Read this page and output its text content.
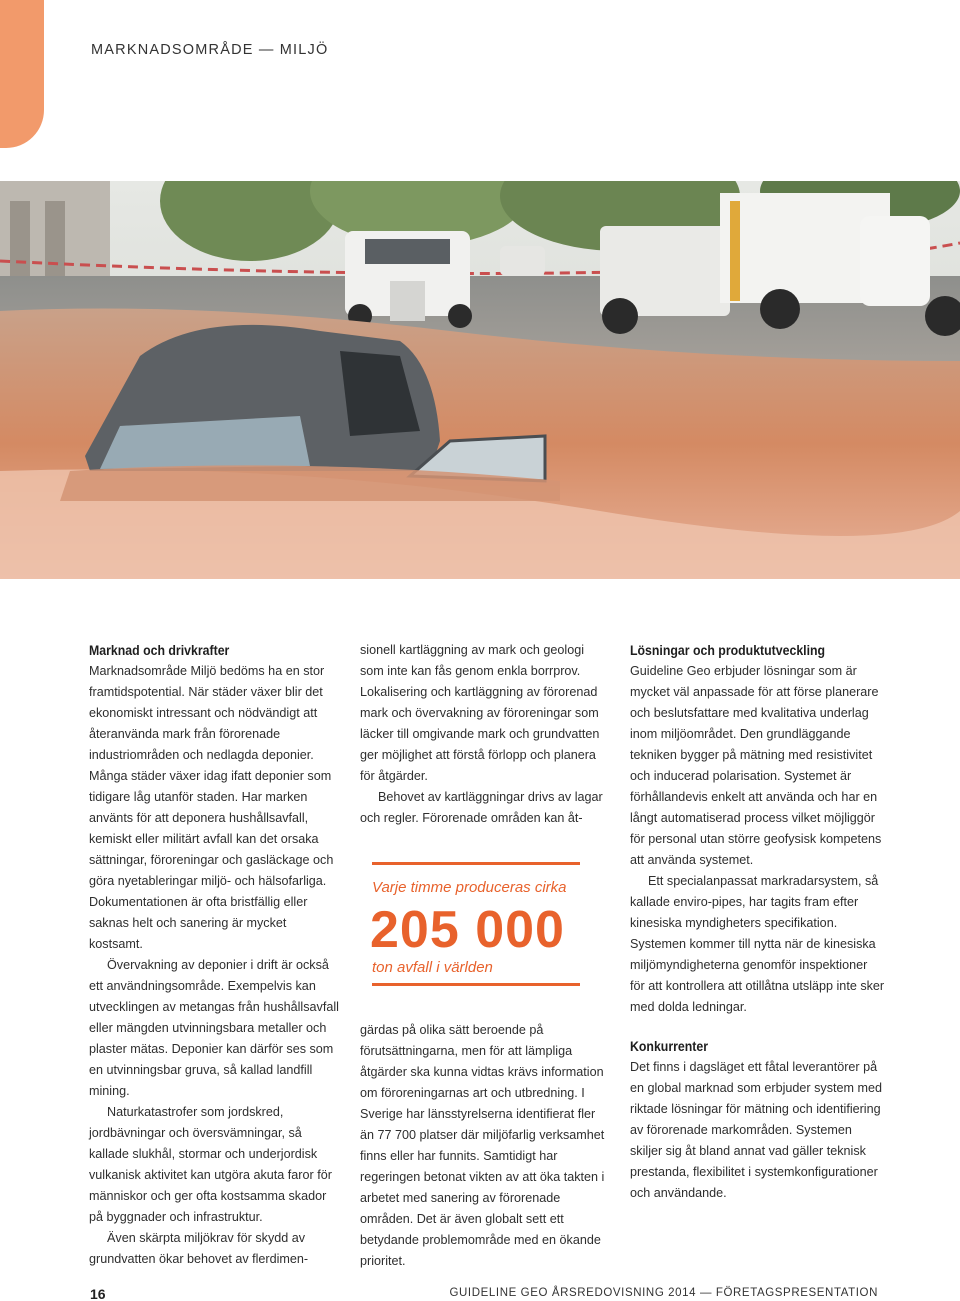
MARKNADSOMRÅDE — MILJÖ
Marknad och drivkrafter

Marknadsområde Miljö bedöms ha en stor framtidspotential. När städer växer blir det ekonomiskt intressant och nödvändigt att återanvända mark från förorenade industriområden och nedlagda deponier. Många städer växer idag ifatt deponier som tidigare låg utanför staden. Har marken använts för att deponera hushållsavfall, kemiskt eller militärt avfall kan det orsaka sättningar, föroreningar och gasläckage och göra nyetableringar miljö- och hälsofarliga. Dokumentationen är ofta bristfällig eller saknas helt och sanering är mycket kostsamt.

Övervakning av deponier i drift är också ett användningsområde. Exempelvis kan utvecklingen av metangas från hushållsavfall eller mängden utvinningsbara metaller och plaster mätas. Deponier kan därför ses som en utvinningsbar gruva, så kallad landfill mining.

Naturkatastrofer som jordskred, jordbävningar och översvämningar, så kallade slukhål, stormar och underjordisk vulkanisk aktivitet kan utgöra akuta faror för människor och ger ofta kostsamma skador på byggnader och infrastruktur.

Även skärpta miljökrav för skydd av grundvatten ökar behovet av flerdimen-

sionell kartläggning av mark och geologi som inte kan fås genom enkla borrprov. Lokalisering och kartläggning av förorenad mark och övervakning av föroreningar som läcker till omgivande mark och grundvatten ger möjlighet att förstå förlopp och planera för åtgärder.

Behovet av kartläggningar drivs av lagar och regler. Förorenade områden kan åt-

Varje timme produceras cirka
205 000
ton avfall i världen

gärdas på olika sätt beroende på förutsättningarna, men för att lämpliga åtgärder ska kunna vidtas krävs information om föroreningarnas art och utbredning. I Sverige har länsstyrelserna identifierat fler än 77 700 platser där miljöfarlig verksamhet finns eller har funnits. Samtidigt har regeringen betonat vikten av att öka takten i arbetet med sanering av förorenade områden. Det är även globalt sett ett betydande problemområde med en ökande prioritet.

Lösningar och produktutveckling

Guideline Geo erbjuder lösningar som är mycket väl anpassade för att förse planerare och beslutsfattare med kvalitativa underlag inom miljöområdet. Den grundläggande tekniken bygger på mätning med resistivitet och inducerad polarisation. Systemet är förhållandevis enkelt att använda och har en långt automatiserad process vilket möjliggör för personal utan större geofysisk kompetens att använda systemet.

Ett specialanpassat markradarsystem, så kallade enviro-pipes, har tagits fram efter kinesiska myndigheters specifikation. Systemen kommer till nytta när de kinesiska miljömyndigheterna genomför inspektioner för att kontrollera att otillåtna utsläpp inte sker med dolda ledningar.

Konkurrenter

Det finns i dagsläget ett fåtal leverantörer på en global marknad som erbjuder system med riktade lösningar för mätning och identifiering av förorenade markområden. Systemen skiljer sig åt bland annat vad gäller teknisk prestanda, flexibilitet i systemkonfigurationer och användande.

16	GUIDELINE GEO ÅRSREDOVISNING 2014 — FÖRETAGSPRESENTATION
